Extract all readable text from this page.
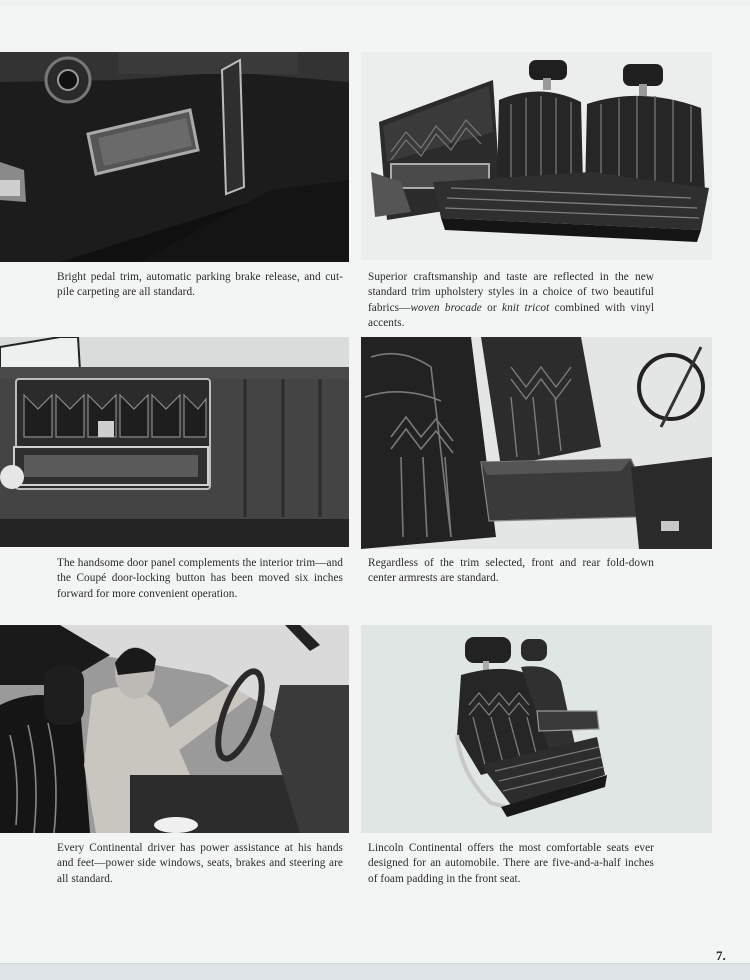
Bright pedal trim, automatic parking brake release, and cut-pile carpeting are all standard.
Superior craftsmanship and taste are reflected in the new standard trim upholstery styles in a choice of two beautiful fabrics—woven brocade or knit tricot combined with vinyl accents.
The handsome door panel complements the interior trim—and the Coupé door-locking button has been moved six inches forward for more convenient operation.
Regardless of the trim selected, front and rear fold-down center armrests are standard.
Every Continental driver has power assistance at his hands and feet—power side windows, seats, brakes and steering are all standard.
Lincoln Continental offers the most comfortable seats ever designed for an automobile. There are five-and-a-half inches of foam padding in the front seat.
7.
